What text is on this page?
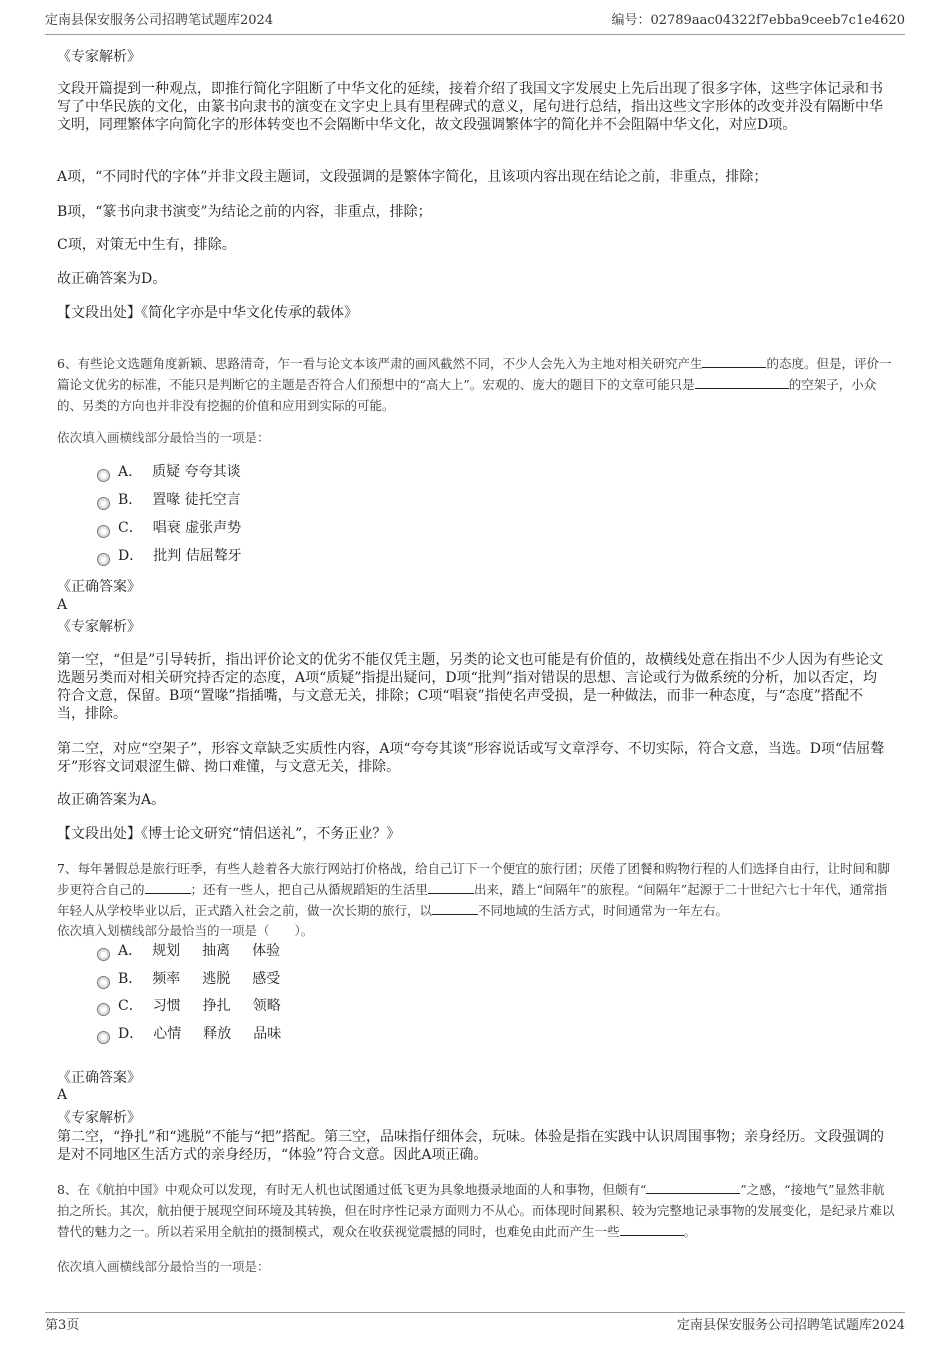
定南县保安服务公司招聘笔试题库2024	编号：02789aac04322f7ebba9ceeb7c1e4620
《专家解析》
文段开篇提到一种观点，即推行简化字阻断了中华文化的延续，接着介绍了我国文字发展史上先后出现了很多字体，这些字体记录和书写了中华民族的文化，由篆书向隶书的演变在文字史上具有里程碑式的意义，尾句进行总结，指出这些文字形体的改变并没有隔断中华文明，同理繁体字向简化字的形体转变也不会隔断中华文化，故文段强调繁体字的简化并不会阻隔中华文化，对应D项。
A项，“不同时代的字体”并非文段主题词，文段强调的是繁体字简化，且该项内容出现在结论之前，非重点，排除；
B项，“篆书向隶书演变”为结论之前的内容，非重点，排除；
C项，对策无中生有，排除。
故正确答案为D。
【文段出处】《简化字亦是中华文化传承的载体》
6、有些论文选题角度新颖、思路清奇，乍一看与论文本该严肃的画风截然不同，不少人会先入为主地对相关研究产生	的态度。但是，评价一篇论文优劣的标准，不能只是判断它的主题是否符合人们预想中的“高大上”。宏观的、庞大的题目下的文章可能只是	的空架子，小众的、另类的方向也并非没有挖掘的价值和应用到实际的可能。
依次填入画横线部分最恰当的一项是：
A． 质疑 夸夸其谈
B． 置喙 徒托空言
C． 唱衰 虚张声势
D． 批判 佶屈聱牙
《正确答案》
A
《专家解析》
第一空，“但是”引导转折，指出评价论文的优劣不能仅凭主题，另类的论文也可能是有价值的，故横线处意在指出不少人因为有些论文选题另类而对相关研究持否定的态度，A项“质疑”指提出疑问，D项“批判”指对错误的思想、言论或行为做系统的分析，加以否定，均符合文意，保留。B项“置喙”指插嘴，与文意无关，排除；C项“唱衰”指使名声受损，是一种做法，而非一种态度，与“态度”搭配不当，排除。
第二空，对应“空架子”，形容文章缺乏实质性内容，A项“夸夸其谈”形容说话或写文章浮夸、不切实际，符合文意，当选。D项“佶屈聱牙”形容文词艰涩生僻、拗口难懂，与文意无关，排除。
故正确答案为A。
【文段出处】《博士论文研究“情侣送礼”，不务正业？》
7、每年暑假总是旅行旺季，有些人趁着各大旅行网站打价格战，给自己订下一个便宜的旅行团；厌倦了团餐和购物行程的人们选择自由行，让时间和脚步更符合自己的	；还有一些人，把自己从循规蹈矩的生活里	出来，踏上“间隔年”的旅程。“间隔年”起源于二十世纪六七十年代，通常指年轻人从学校毕业以后，正式踏入社会之前，做一次长期的旅行，以	不同地域的生活方式，时间通常为一年左右。
依次填入划横线部分最恰当的一项是（　　）。
A． 规划 抽离 体验
B． 频率 逃脱 感受
C． 习惯 挣扎 领略
D． 心情 释放 品味
《正确答案》
A
《专家解析》
第二空，“挣扎”和“逃脱”不能与“把”搭配。第三空，品味指仔细体会，玩味。体验是指在实践中认识周围事物；亲身经历。文段强调的是对不同地区生活方式的亲身经历，“体验”符合文意。因此A项正确。
8、在《航拍中国》中观众可以发现，有时无人机也试图通过低飞更为具象地摄录地面的人和事物，但颇有“	”之感，“接地气”显然非航拍之所长。其次，航拍便于展现空间环境及其转换，但在时序性记录方面则力不从心。而体现时间累积、较为完整地记录事物的发展变化，是纪录片难以替代的魅力之一。所以若采用全航拍的摄制模式，观众在收获视觉震撼的同时，也难免由此而产生一些	。
依次填入画横线部分最恰当的一项是：
第3页	定南县保安服务公司招聘笔试题库2024
